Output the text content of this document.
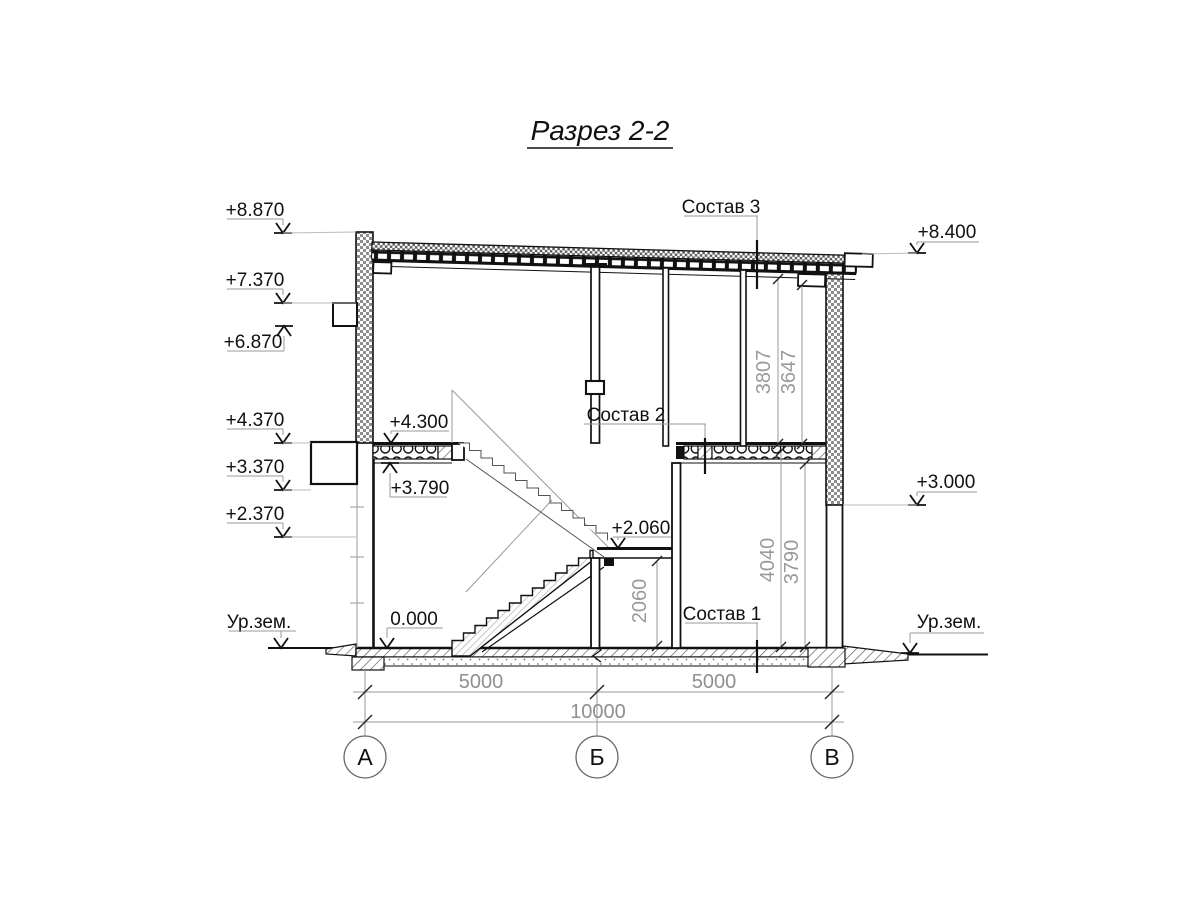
Разрез 2-2
+8.870
+7.370
+6.870
+4.370
+3.370
+2.370
Ур.зем.
+8.400
+3.000
Ур.зем.
+4.300
+3.790
+2.060
0.000
Состав 3
Состав 2
Состав 1
3807 3647
4040 3790
2060
5000	5000
10000
А	Б	В
